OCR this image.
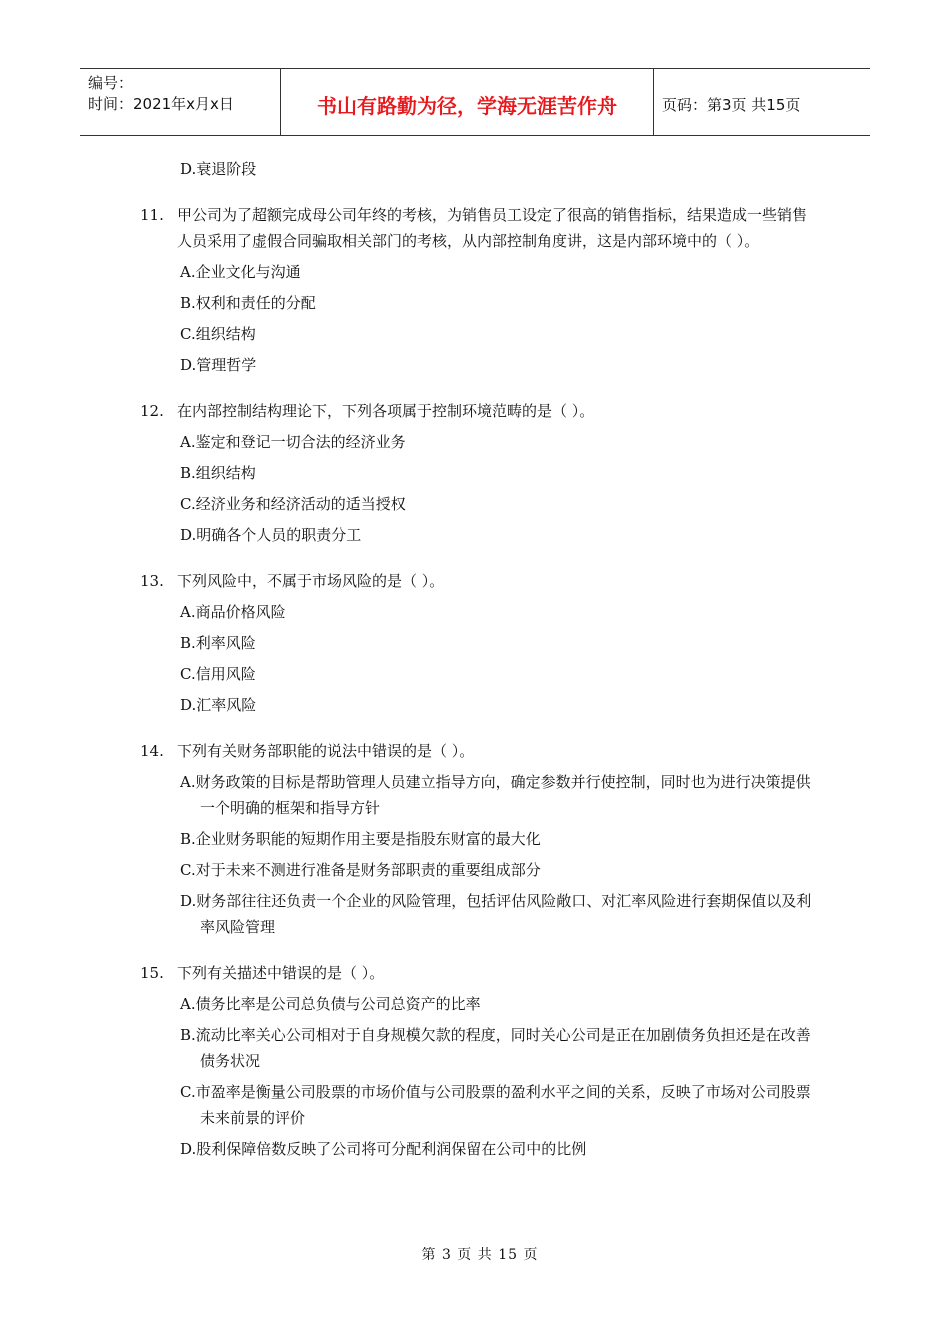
编号：
时间：2021年x月x日	书山有路勤为径，学海无涯苦作舟	页码：第3页 共15页
D.衰退阶段
11. 甲公司为了超额完成母公司年终的考核，为销售员工设定了很高的销售指标，结果造成一些销售人员采用了虚假合同骗取相关部门的考核，从内部控制角度讲，这是内部环境中的（ ）。
A.企业文化与沟通
B.权利和责任的分配
C.组织结构
D.管理哲学
12. 在内部控制结构理论下，下列各项属于控制环境范畴的是（ ）。
A.鉴定和登记一切合法的经济业务
B.组织结构
C.经济业务和经济活动的适当授权
D.明确各个人员的职责分工
13. 下列风险中，不属于市场风险的是（ ）。
A.商品价格风险
B.利率风险
C.信用风险
D.汇率风险
14. 下列有关财务部职能的说法中错误的是（ ）。
A.财务政策的目标是帮助管理人员建立指导方向，确定参数并行使控制，同时也为进行决策提供一个明确的框架和指导方针
B.企业财务职能的短期作用主要是指股东财富的最大化
C.对于未来不测进行准备是财务部职责的重要组成部分
D.财务部往往还负责一个企业的风险管理，包括评估风险敞口、对汇率风险进行套期保值以及利率风险管理
15. 下列有关描述中错误的是（ ）。
A.债务比率是公司总负债与公司总资产的比率
B.流动比率关心公司相对于自身规模欠款的程度，同时关心公司是正在加剧债务负担还是在改善债务状况
C.市盈率是衡量公司股票的市场价值与公司股票的盈利水平之间的关系，反映了市场对公司股票未来前景的评价
D.股利保障倍数反映了公司将可分配利润保留在公司中的比例
第 3 页 共 15 页
